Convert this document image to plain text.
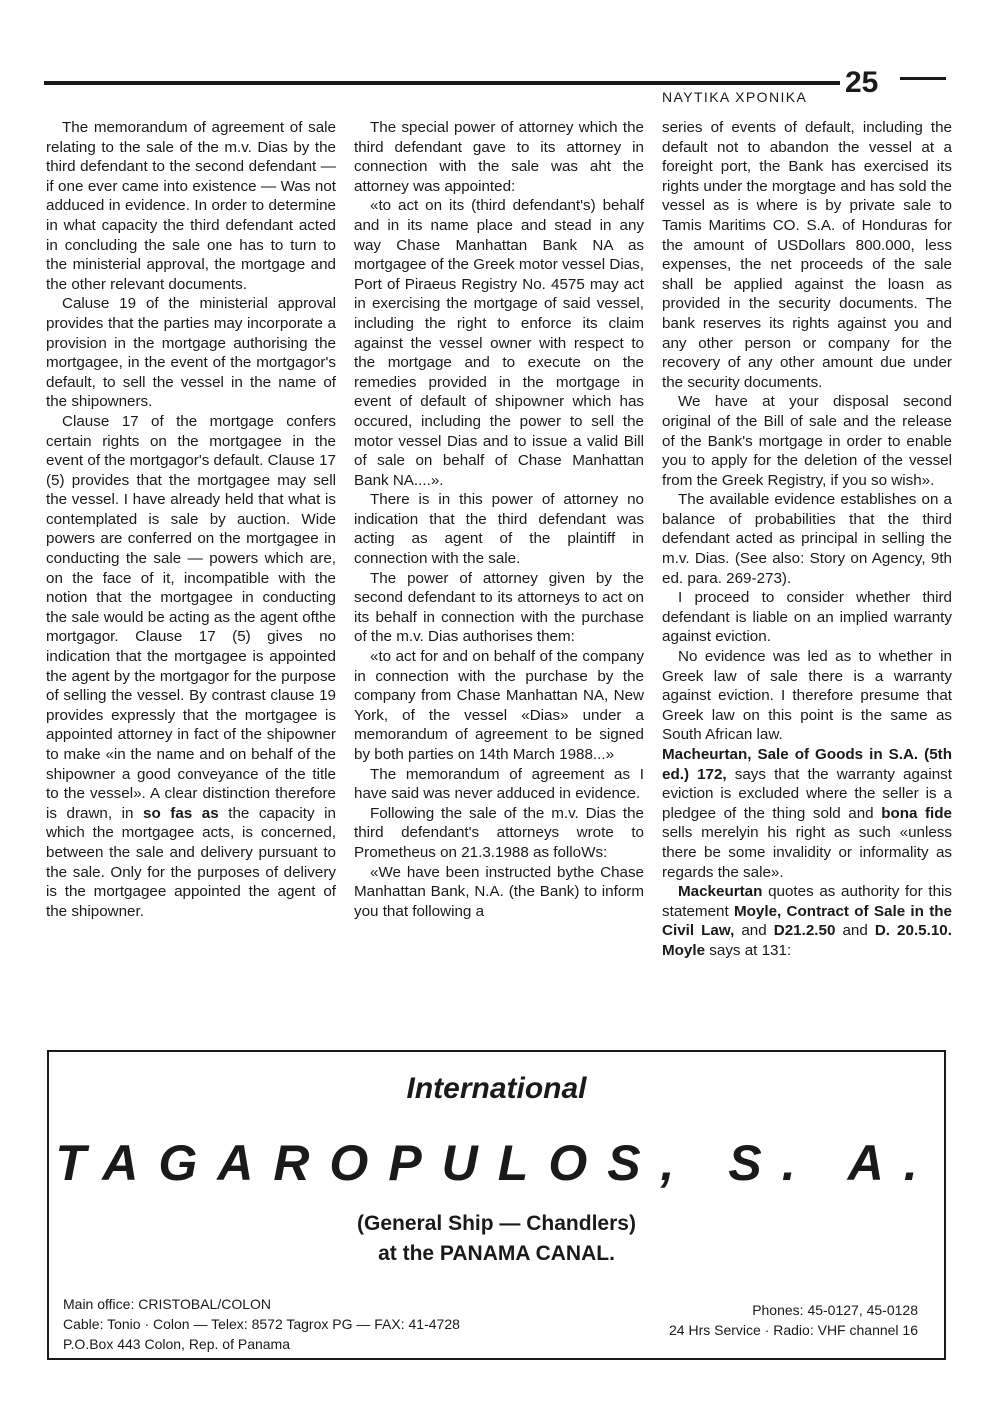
NAYTIKA XPONIKA 25

The memorandum of agreement of sale relating to the sale of the m.v. Dias by the third defendant to the second defendant — if one ever came into existence — Was not adduced in evidence. In order to determine in what capacity the third defendant acted in concluding the sale one has to turn to the ministerial approval, the mortgage and the other relevant documents.

Caluse 19 of the ministerial approval provides that the parties may incorporate a provision in the mortgage authorising the mortgagee, in the event of the mortgagor's default, to sell the vessel in the name of the shipowners.

Clause 17 of the mortgage confers certain rights on the mortgagee in the event of the mortgagor's default. Clause 17 (5) provides that the mortgagee may sell the vessel. I have already held that what is contemplated is sale by auction. Wide powers are conferred on the mortgagee in conducting the sale — powers which are, on the face of it, incompatible with the notion that the mortgagee in conducting the sale would be acting as the agent ofthe mortgagor. Clause 17 (5) gives no indication that the mortgagee is appointed the agent by the mortgagor for the purpose of selling the vessel. By contrast clause 19 provides expressly that the mortgagee is appointed attorney in fact of the shipowner to make «in the name and on behalf of the shipowner a good conveyance of the title to the vessel». A clear distinction therefore is drawn, in so fas as the capacity in which the mortgagee acts, is concerned, between the sale and delivery pursuant to the sale. Only for the purposes of delivery is the mortgagee appointed the agent of the shipowner.

The special power of attorney which the third defendant gave to its attorney in connection with the sale was aht the attorney was appointed:

«to act on its (third defendant's) behalf and in its name place and stead in any way Chase Manhattan Bank NA as mortgagee of the Greek motor vessel Dias, Port of Piraeus Registry No. 4575 may act in exercising the mortgage of said vessel, including the right to enforce its claim against the vessel owner with respect to the mortgage and to execute on the remedies provided in the mortgage in event of default of shipowner which has occured, including the power to sell the motor vessel Dias and to issue a valid Bill of sale on behalf of Chase Manhattan Bank NA....».

There is in this power of attorney no indication that the third defendant was acting as agent of the plaintiff in connection with the sale.

The power of attorney given by the second defendant to its attorneys to act on its behalf in connection with the purchase of the m.v. Dias authorises them:

«to act for and on behalf of the company in connection with the purchase by the company from Chase Manhattan NA, New York, of the vessel «Dias» under a memorandum of agreement to be signed by both parties on 14th March 1988...»

The memorandum of agreement as I have said was never adduced in evidence.

Following the sale of the m.v. Dias the third defendant's attorneys wrote to Prometheus on 21.3.1988 as folloWs:

«We have been instructed bythe Chase Manhattan Bank, N.A. (the Bank) to inform you that following a

series of events of default, including the default not to abandon the vessel at a foreight port, the Bank has exercised its rights under the morgtage and has sold the vessel as is where is by private sale to Tamis Maritims CO. S.A. of Honduras for the amount of USDollars 800.000, less expenses, the net proceeds of the sale shall be applied against the loasn as provided in the security documents. The bank reserves its rights against you and any other person or company for the recovery of any other amount due under the security documents.

We have at your disposal second original of the Bill of sale and the release of the Bank's mortgage in order to enable you to apply for the deletion of the vessel from the Greek Registry, if you so wish».

The available evidence establishes on a balance of probabilities that the third defendant acted as principal in selling the m.v. Dias. (See also: Story on Agency, 9th ed. para. 269-273).

I proceed to consider whether third defendant is liable on an implied warranty against eviction.

No evidence was led as to whether in Greek law of sale there is a warranty against eviction. I therefore presume that Greek law on this point is the same as South African law.

Macheurtan, Sale of Goods in S.A. (5th ed.) 172, says that the warranty against eviction is excluded where the seller is a pledgee of the thing sold and bona fide sells merelyin his right as such «unless there be some invalidity or informality as regards the sale».

Mackeurtan quotes as authority for this statement Moyle, Contract of Sale in the Civil Law, and D21.2.50 and D. 20.5.10. Moyle says at 131:

International
TAGAROPULOS, S. A.
(General Ship — Chandlers)
at the PANAMA CANAL.
Main office: CRISTOBAL/COLON
Cable: Tonio · Colon — Telex: 8572 Tagrox PG — FAX: 41-4728
P.O.Box 443 Colon, Rep. of Panama
Phones: 45-0127, 45-0128
24 Hrs Service · Radio: VHF channel 16
